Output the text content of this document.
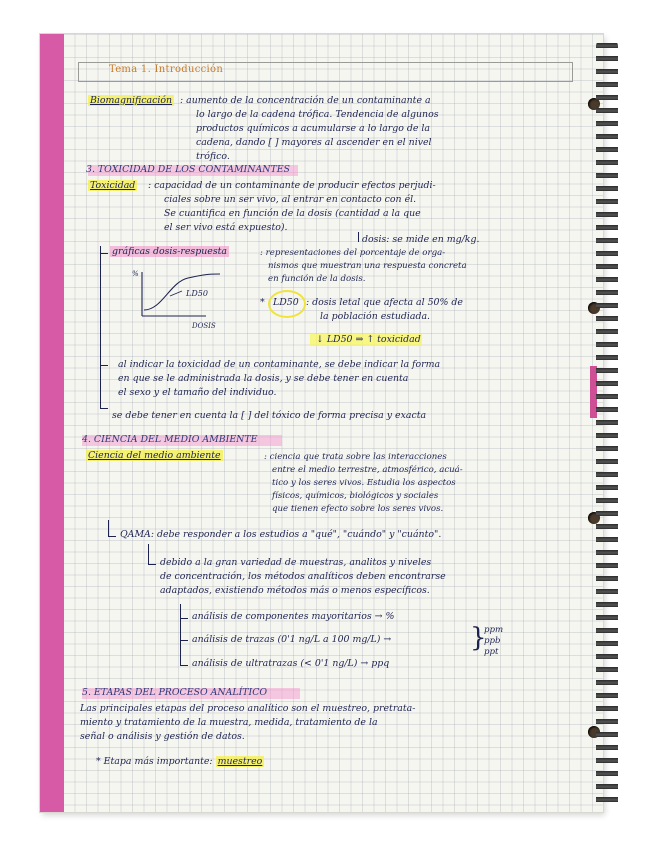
Tema 1. Introducción

Biomagnificación : aumento de la concentración de un contaminante a

lo largo de la cadena trófica. Tendencia de algunos

productos químicos a acumularse a lo largo de la

cadena, dando [ ] mayores al ascender en el nivel

trófico.

3. TOXICIDAD DE LOS CONTAMINANTES

Toxicidad : capacidad de un contaminante de producir efectos perjudi-

ciales sobre un ser vivo, al entrar en contacto con él.

Se cuantifica en función de la dosis (cantidad a la que

el ser vivo está expuesto).

dosis: se mide en mg/kg.

gráficas dosis-respuesta	: representaciones del porcentaje de orga-

nismos que muestran una respuesta concreta

en función de la dosis.

%
LD50
DOSIS

* LD50 : dosis letal que afecta al 50% de

la población estudiada.

↓ LD50 ⇒ ↑ toxicidad

al indicar la toxicidad de un contaminante, se debe indicar la forma

en que se le administrada la dosis, y se debe tener en cuenta

el sexo y el tamaño del individuo.

se debe tener en cuenta la [ ] del tóxico de forma precisa y exacta

4. CIENCIA DEL MEDIO AMBIENTE

Ciencia del medio ambiente	: ciencia que trata sobre las interacciones

entre el medio terrestre, atmosférico, acuá-

tico y los seres vivos. Estudia los aspectos

físicos, químicos, biológicos y sociales

que tienen efecto sobre los seres vivos.

QAMA: debe responder a los estudios a "qué", "cuándo" y "cuánto".

debido a la gran variedad de muestras, analitos y niveles

de concentración, los métodos analíticos deben encontrarse

adaptados, existiendo métodos más o menos específicos.

análisis de componentes mayoritarios → %

análisis de trazas (0'1 ng/L a 100 mg/L) →	}

ppm

ppb

ppt

análisis de ultratrazas (< 0'1 ng/L) → ppq

5. ETAPAS DEL PROCESO ANALÍTICO

Las principales etapas del proceso analítico son el muestreo, pretrata-

miento y tratamiento de la muestra, medida, tratamiento de la

señal o análisis y gestión de datos.

* Etapa más importante: muestreo
